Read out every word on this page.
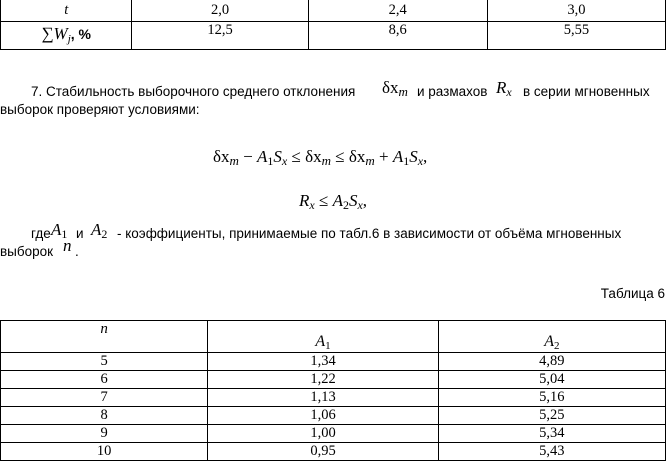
t	2,0	2,4	3,0
$\sum W_j$, %	12,5	8,6	5,55
7. Стабильность выборочного среднего отклонения δxm и размахов Rx в серии мгновенных
выборок проверяют условиями:
δxm − A1Sx ≤ δxm ≤ δxm + A1Sx,
Rx ≤ A2Sx,
где A1 и A2 - коэффициенты, принимаемые по табл.6 в зависимости от объёма мгновенных
выборок n .
Таблица 6
n	$A_1$	$A_2$
5	1,34	4,89
6	1,22	5,04
7	1,13	5,16
8	1,06	5,25
9	1,00	5,34
10	0,95	5,43
